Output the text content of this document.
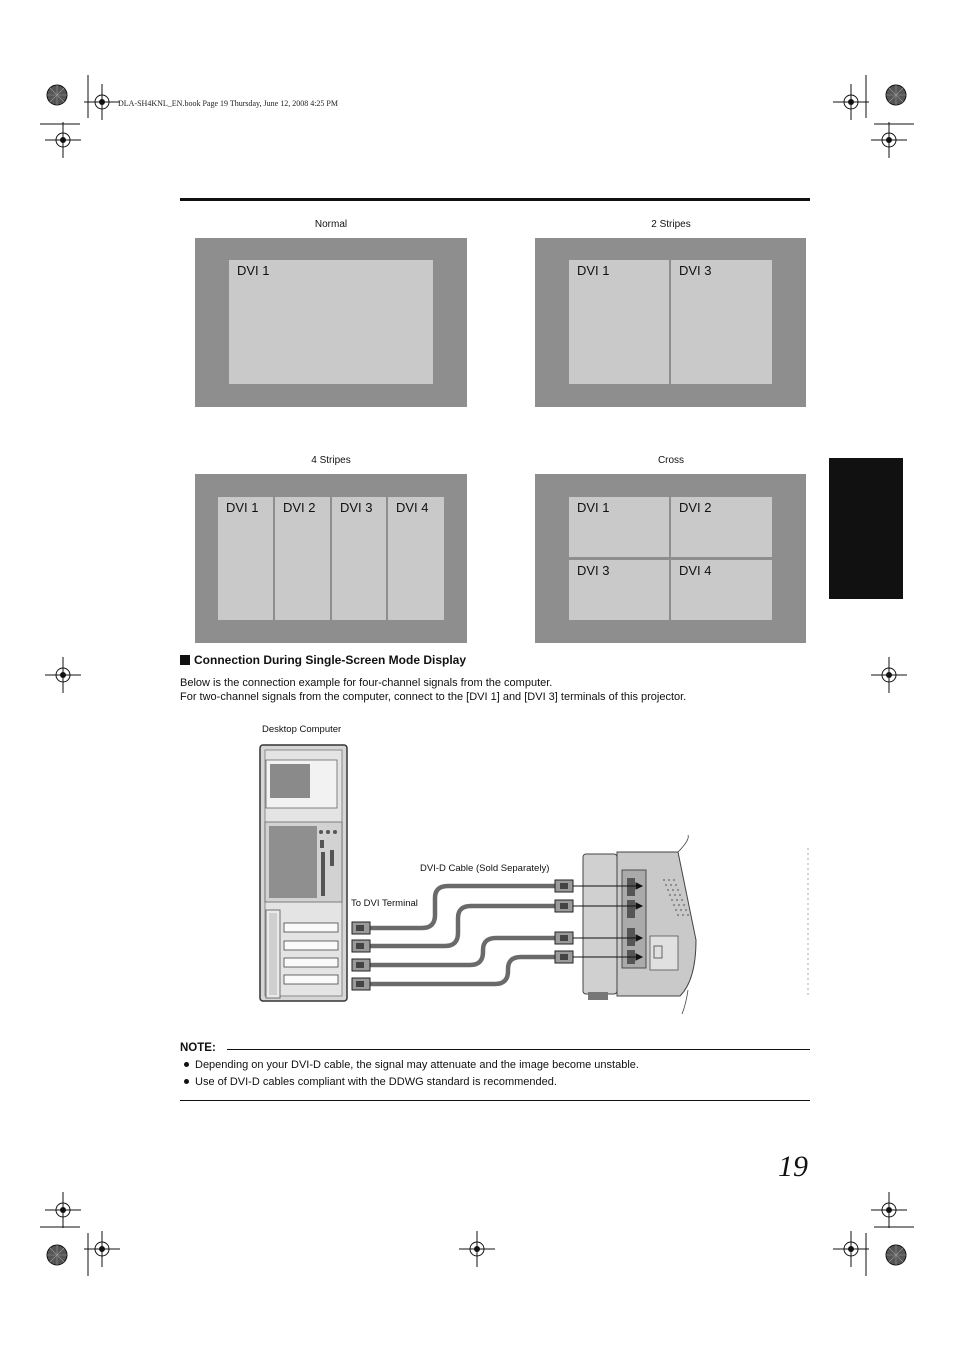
DLA-SH4KNL_EN.book Page 19 Thursday, June 12, 2008 4:25 PM
Normal
DVI 1
2 Stripes
DVI 1	DVI 3
4 Stripes
DVI 1	DVI 2	DVI 3	DVI 4
Cross
DVI 1	DVI 2
DVI 3	DVI 4
Connection During Single-Screen Mode Display
Below is the connection example for four-channel signals from the computer.
For two-channel signals from the computer, connect to the [DVI 1] and [DVI 3] terminals of this projector.
Desktop Computer
DVI-D Cable (Sold Separately)
To DVI Terminal
NOTE:
Depending on your DVI-D cable, the signal may attenuate and the image become unstable.
Use of DVI-D cables compliant with the DDWG standard is recommended.
19
